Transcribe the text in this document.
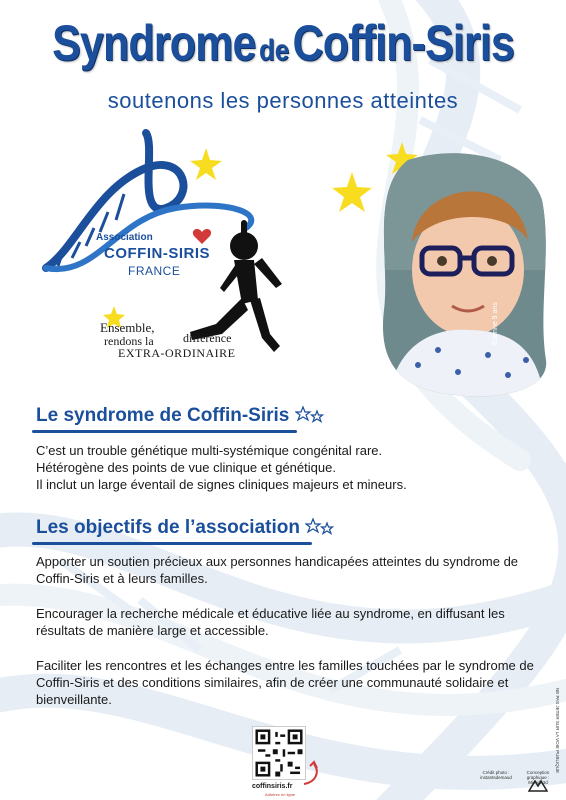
Syndrome deCoffin-Siris
soutenons les personnes atteintes
Association
COFFIN-SIRIS
FRANCE
Ensemble,
rendons la différence
EXTRA-ORDINAIRE
Étienne 9 ans
Le syndrome de Coffin-Siris
C’est un trouble génétique multi-systémique congénital rare.
Hétérogène des points de vue clinique et génétique.
Il inclut un large éventail de signes cliniques majeurs et mineurs.
Les objectifs de l’association

Apporter un soutien précieux aux personnes handicapées atteintes du syndrome de Coffin-Siris et à leurs familles.

Encourager la recherche médicale et éducative liée au syndrome, en diffusant les résultats de manière large et accessible.

Faciliter les rencontres et les échanges entre les familles touchées par le syndrome de Coffin-Siris et des conditions similaires, afin de créer une communauté solidaire et bienveillante.

coffinsiris.fr
Adhérez en ligne
Crédit photo : instantsdemaud
Conception graphique : Micoda3d
NE PAS JETER SUR LA VOIE PUBLIQUE
